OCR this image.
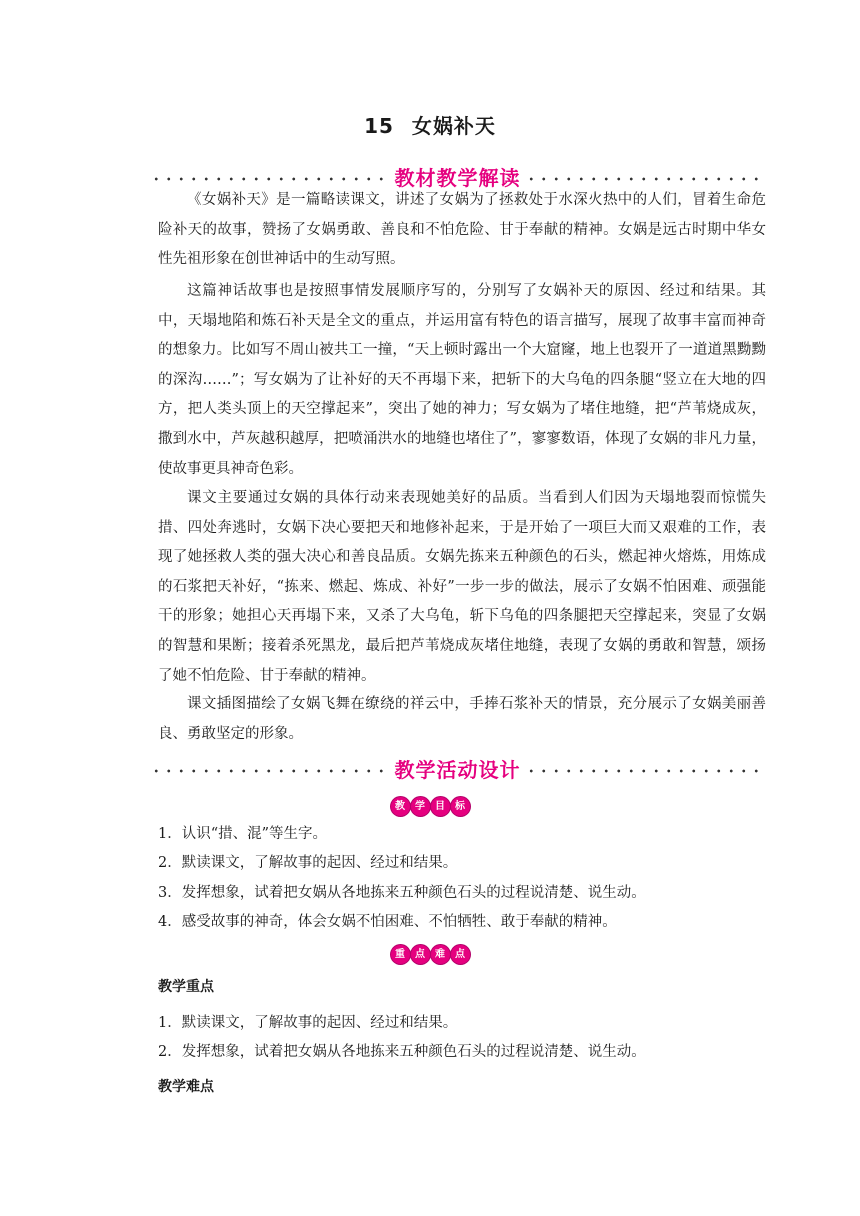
15 女娲补天
教材教学解读

《女娲补天》是一篇略读课文，讲述了女娲为了拯救处于水深火热中的人们，冒着生命危险补天的故事，赞扬了女娲勇敢、善良和不怕危险、甘于奉献的精神。女娲是远古时期中华女性先祖形象在创世神话中的生动写照。

这篇神话故事也是按照事情发展顺序写的，分别写了女娲补天的原因、经过和结果。其中，天塌地陷和炼石补天是全文的重点，并运用富有特色的语言描写，展现了故事丰富而神奇的想象力。比如写不周山被共工一撞，“天上顿时露出一个大窟窿，地上也裂开了一道道黑黝黝的深沟……”；写女娲为了让补好的天不再塌下来，把斩下的大乌龟的四条腿“竖立在大地的四方，把人类头顶上的天空撑起来”，突出了她的神力；写女娲为了堵住地缝，把“芦苇烧成灰，撒到水中，芦灰越积越厚，把喷涌洪水的地缝也堵住了”，寥寥数语，体现了女娲的非凡力量，使故事更具神奇色彩。

课文主要通过女娲的具体行动来表现她美好的品质。当看到人们因为天塌地裂而惊慌失措、四处奔逃时，女娲下决心要把天和地修补起来，于是开始了一项巨大而又艰难的工作，表现了她拯救人类的强大决心和善良品质。女娲先拣来五种颜色的石头，燃起神火熔炼，用炼成的石浆把天补好，“拣来、燃起、炼成、补好”一步一步的做法，展示了女娲不怕困难、顽强能干的形象；她担心天再塌下来，又杀了大乌龟，斩下乌龟的四条腿把天空撑起来，突显了女娲的智慧和果断；接着杀死黑龙，最后把芦苇烧成灰堵住地缝，表现了女娲的勇敢和智慧，颂扬了她不怕危险、甘于奉献的精神。

课文插图描绘了女娲飞舞在缭绕的祥云中，手捧石浆补天的情景，充分展示了女娲美丽善良、勇敢坚定的形象。

教学活动设计
教	学	目	标

1．认识“措、混”等生字。

2．默读课文，了解故事的起因、经过和结果。

3．发挥想象，试着把女娲从各地拣来五种颜色石头的过程说清楚、说生动。

4．感受故事的神奇，体会女娲不怕困难、不怕牺牲、敢于奉献的精神。

重	点	难	点
教学重点

1．默读课文，了解故事的起因、经过和结果。

2．发挥想象，试着把女娲从各地拣来五种颜色石头的过程说清楚、说生动。

教学难点
